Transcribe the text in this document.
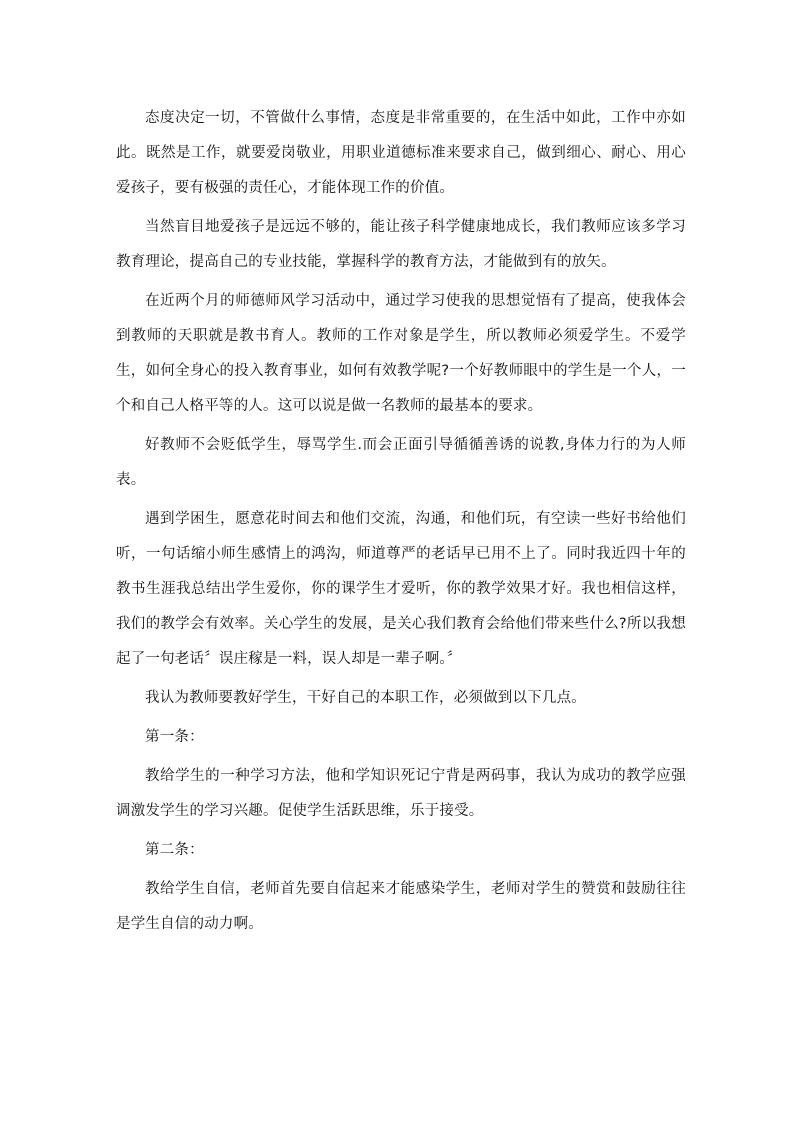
态度决定一切，不管做什么事情，态度是非常重要的，在生活中如此，工作中亦如此。既然是工作，就要爱岗敬业，用职业道德标准来要求自己，做到细心、耐心、用心爱孩子，要有极强的责任心，才能体现工作的价值。

当然盲目地爱孩子是远远不够的，能让孩子科学健康地成长，我们教师应该多学习教育理论，提高自己的专业技能，掌握科学的教育方法，才能做到有的放矢。

在近两个月的师德师风学习活动中，通过学习使我的思想觉悟有了提高，使我体会到教师的天职就是教书育人。教师的工作对象是学生，所以教师必须爱学生。不爱学生，如何全身心的投入教育事业，如何有效教学呢?一个好教师眼中的学生是一个人，一个和自己人格平等的人。这可以说是做一名教师的最基本的要求。

好教师不会贬低学生，辱骂学生.而会正面引导循循善诱的说教,身体力行的为人师表。

遇到学困生，愿意花时间去和他们交流，沟通，和他们玩，有空读一些好书给他们听，一句话缩小师生感情上的鸿沟，师道尊严的老话早已用不上了。同时我近四十年的教书生涯我总结出学生爱你，你的课学生才爱听，你的教学效果才好。我也相信这样，我们的教学会有效率。关心学生的发展，是关心我们教育会给他们带来些什么?所以我想起了一句老话〞误庄稼是一料，误人却是一辈子啊。〞

我认为教师要教好学生，干好自己的本职工作，必须做到以下几点。

第一条：

教给学生的一种学习方法，他和学知识死记宁背是两码事，我认为成功的教学应强调激发学生的学习兴趣。促使学生活跃思维，乐于接受。

第二条：

教给学生自信，老师首先要自信起来才能感染学生，老师对学生的赞赏和鼓励往往是学生自信的动力啊。
